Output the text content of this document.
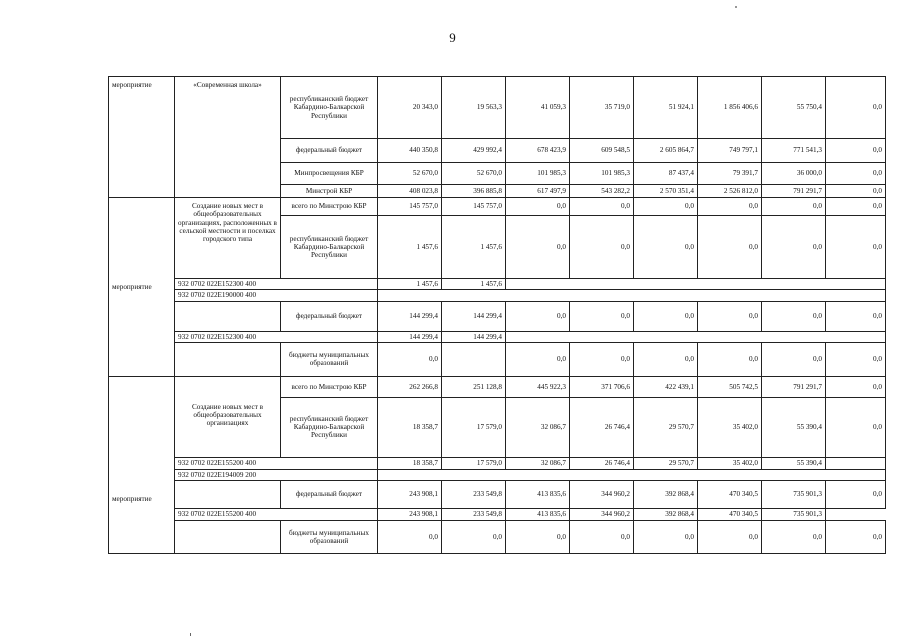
9
мероприятие	«Современная школа»	республиканский бюджет Кабардино-Балкарской Республики	20 343,0	19 563,3	41 059,3	35 719,0	51 924,1	1 856 406,6	55 750,4	0,0	
		федеральный бюджет	440 350,8	429 992,4	678 423,9	609 548,5	2 605 864,7	749 797,1	771 541,3	0,0	
		Минпросвещения КБР	52 670,0	52 670,0	101 985,3	101 985,3	87 437,4	79 391,7	36 000,0	0,0	
		Минстрой КБР	408 023,8	396 885,8	617 497,9	543 282,2	2 570 351,4	2 526 812,0	791 291,7	0,0	
мероприятие	Создание новых мест в общеобразовательных организациях, расположенных в сельской местности и поселках городского типа	всего по Минстрою КБР	145 757,0	145 757,0	0,0	0,0	0,0	0,0	0,0	0,0	
		республиканский бюджет Кабардино-Балкарской Республики	1 457,6	1 457,6	0,0	0,0	0,0	0,0	0,0	0,0	
	932 0702 022E152300 400		1 457,6	1 457,6							
	932 0702 022E190000 400										
		федеральный бюджет	144 299,4	144 299,4	0,0	0,0	0,0	0,0	0,0	0,0	
	932 0702 022E152300 400		144 299,4	144 299,4							
		бюджеты муниципальных образований	0,0		0,0	0,0	0,0	0,0	0,0	0,0	
мероприятие	Создание новых мест в общеобразовательных организациях	всего по Минстрою КБР	262 266,8	251 128,8	445 922,3	371 706,6	422 439,1	505 742,5	791 291,7	0,0	
		республиканский бюджет Кабардино-Балкарской Республики	18 358,7	17 579,0	32 086,7	26 746,4	29 570,7	35 402,0	55 390,4	0,0	
	932 0702 022E155200 400		18 358,7	17 579,0	32 086,7	26 746,4	29 570,7	35 402,0	55 390,4		
	932 0702 022E194009 200										
		федеральный бюджет	243 908,1	233 549,8	413 835,6	344 960,2	392 868,4	470 340,5	735 901,3	0,0	
	932 0702 022E155200 400		243 908,1	233 549,8	413 835,6	344 960,2	392 868,4	470 340,5	735 901,3		
		бюджеты муниципальных образований	0,0	0,0	0,0	0,0	0,0	0,0	0,0	0,0	
